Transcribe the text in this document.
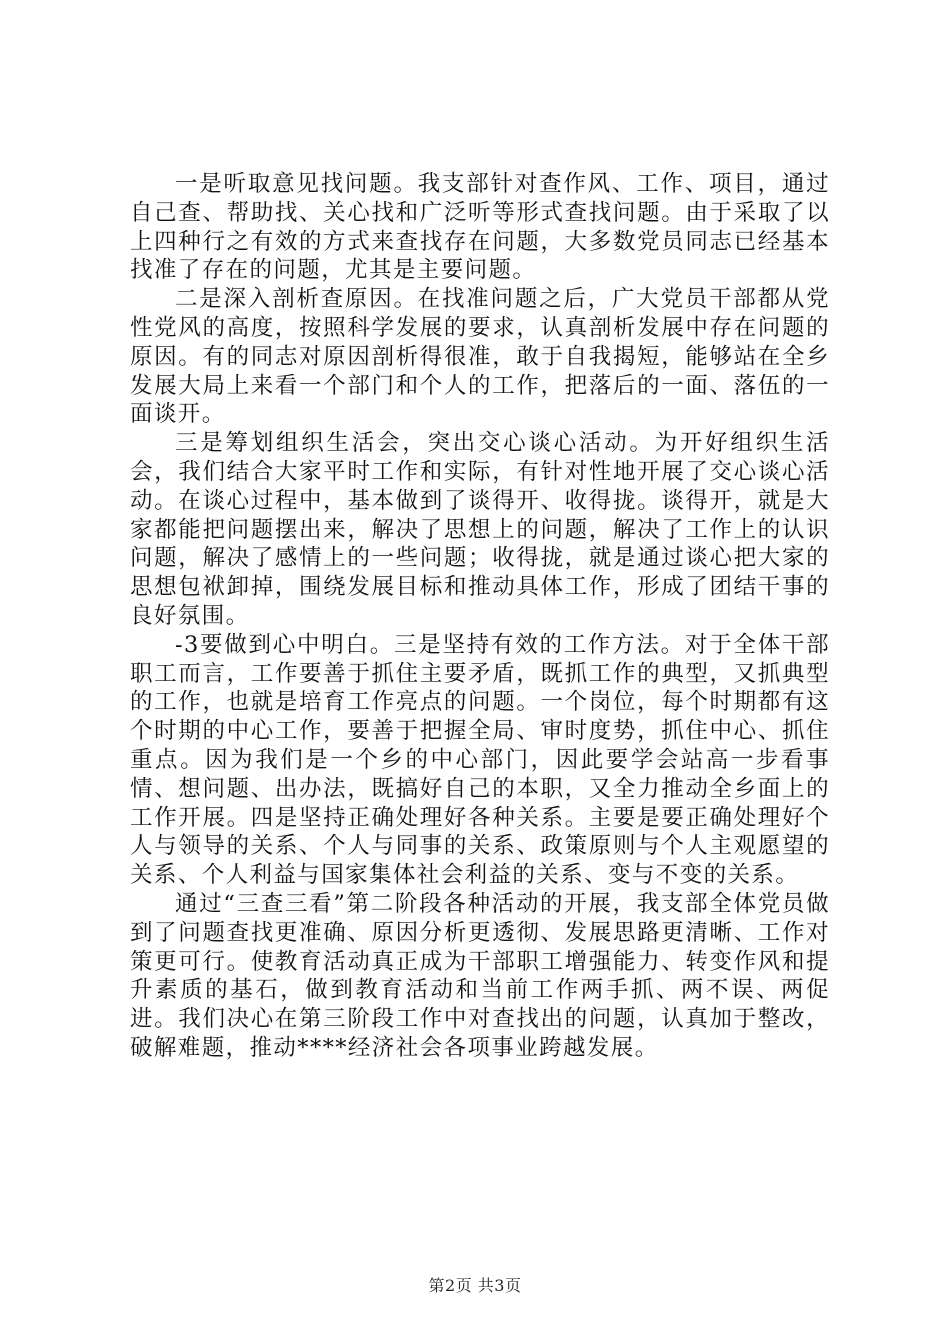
一是听取意见找问题。我支部针对查作风、工作、项目，通过自己查、帮助找、关心找和广泛听等形式查找问题。由于采取了以上四种行之有效的方式来查找存在问题，大多数党员同志已经基本找准了存在的问题，尤其是主要问题。

二是深入剖析查原因。在找准问题之后，广大党员干部都从党性党风的高度，按照科学发展的要求，认真剖析发展中存在问题的原因。有的同志对原因剖析得很准，敢于自我揭短，能够站在全乡发展大局上来看一个部门和个人的工作，把落后的一面、落伍的一面谈开。

三是筹划组织生活会，突出交心谈心活动。为开好组织生活会，我们结合大家平时工作和实际，有针对性地开展了交心谈心活动。在谈心过程中，基本做到了谈得开、收得拢。谈得开，就是大家都能把问题摆出来，解决了思想上的问题，解决了工作上的认识问题，解决了感情上的一些问题；收得拢，就是通过谈心把大家的思想包袱卸掉，围绕发展目标和推动具体工作，形成了团结干事的良好氛围。

-3要做到心中明白。三是坚持有效的工作方法。对于全体干部职工而言，工作要善于抓住主要矛盾，既抓工作的典型，又抓典型的工作，也就是培育工作亮点的问题。一个岗位，每个时期都有这个时期的中心工作，要善于把握全局、审时度势，抓住中心、抓住重点。因为我们是一个乡的中心部门，因此要学会站高一步看事情、想问题、出办法，既搞好自己的本职，又全力推动全乡面上的工作开展。四是坚持正确处理好各种关系。主要是要正确处理好个人与领导的关系、个人与同事的关系、政策原则与个人主观愿望的关系、个人利益与国家集体社会利益的关系、变与不变的关系。

通过“三查三看”第二阶段各种活动的开展，我支部全体党员做到了问题查找更准确、原因分析更透彻、发展思路更清晰、工作对策更可行。使教育活动真正成为干部职工增强能力、转变作风和提升素质的基石，做到教育活动和当前工作两手抓、两不误、两促进。我们决心在第三阶段工作中对查找出的问题，认真加于整改，破解难题，推动****经济社会各项事业跨越发展。

第2页 共3页
